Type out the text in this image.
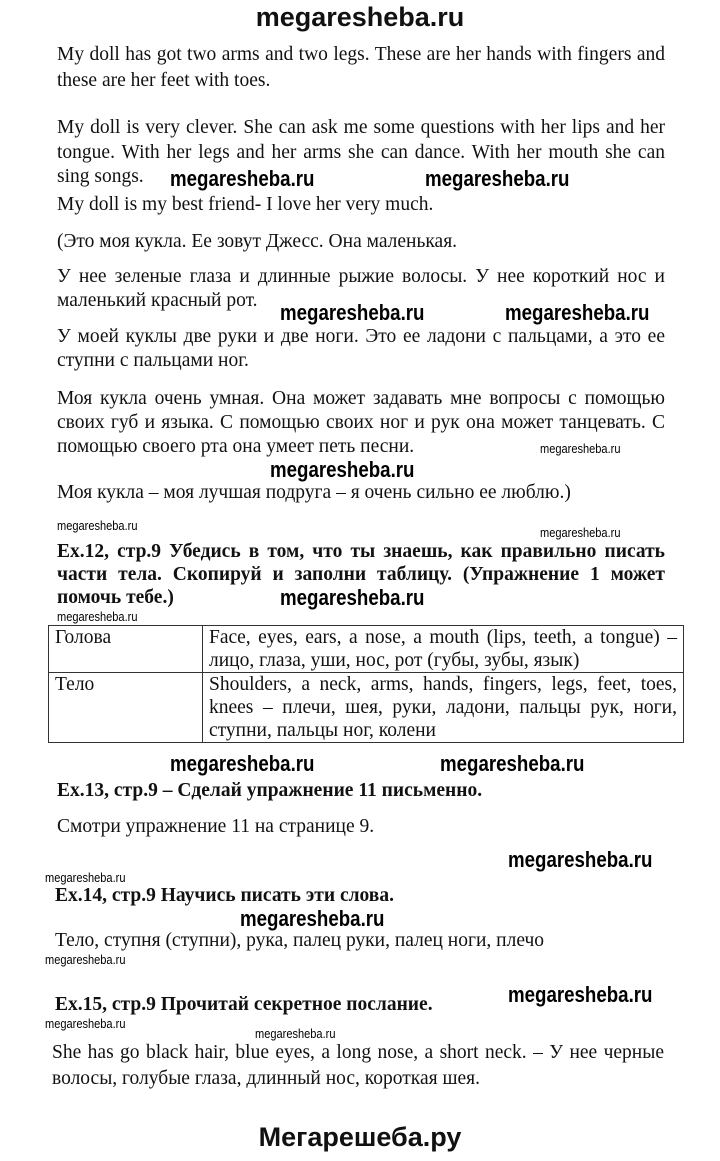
megaresheba.ru
My doll has got two arms and two legs. These are her hands with fingers and
these are her feet with toes.
My doll is very clever. She can ask me some questions with her lips and her
tongue. With her legs and her arms she can dance. With her mouth she can
sing songs. megaresheba.ru	megaresheba.ru
My doll is my best friend- I love her very much.
(Это моя кукла. Ее зовут Джесс. Она маленькая.
У нее зеленые глаза и длинные рыжие волосы. У нее короткий нос и
маленький красный рот. megaresheba.ru	megaresheba.ru
У моей куклы две руки и две ноги. Это ее ладони с пальцами, а это ее
ступни с пальцами ног.
Моя кукла очень умная. Она может задавать мне вопросы с помощью
своих губ и языка. С помощью своих ног и рук она может танцевать. С
помощью своего рта она умеет петь песни.	megaresheba.ru
megaresheba.ru
Моя кукла – моя лучшая подруга – я очень сильно ее люблю.)
megaresheba.ru	megaresheba.ru
Ex.12, стр.9 Убедись в том, что ты знаешь, как правильно писать
части тела. Скопируй и заполни таблицу. (Упражнение 1 может
помочь тебе.)	megaresheba.ru
megaresheba.ru
Голова	Face, eyes, ears, a nose, a mouth (lips, teeth, a tongue) – лицо, глаза, уши, нос, рот (губы, зубы, язык)
Тело	Shoulders, a neck, arms, hands, fingers, legs, feet, toes, knees – плечи, шея, руки, ладони, пальцы рук, ноги, ступни, пальцы ног, колени
megaresheba.ru	megaresheba.ru
Ex.13, стр.9 – Сделай упражнение 11 письменно.
Смотри упражнение 11 на странице 9.
megaresheba.ru
megaresheba.ru
Ex.14, стр.9 Научись писать эти слова.
megaresheba.ru
Тело, ступня (ступни), рука, палец руки, палец ноги, плечо
megaresheba.ru
megaresheba.ru
Ex.15, стр.9 Прочитай секретное послание.
megaresheba.ru
megaresheba.ru
She has go black hair, blue eyes, a long nose, a short neck. – У нее черные
волосы, голубые глаза, длинный нос, короткая шея.
Мегарешеба.ру
